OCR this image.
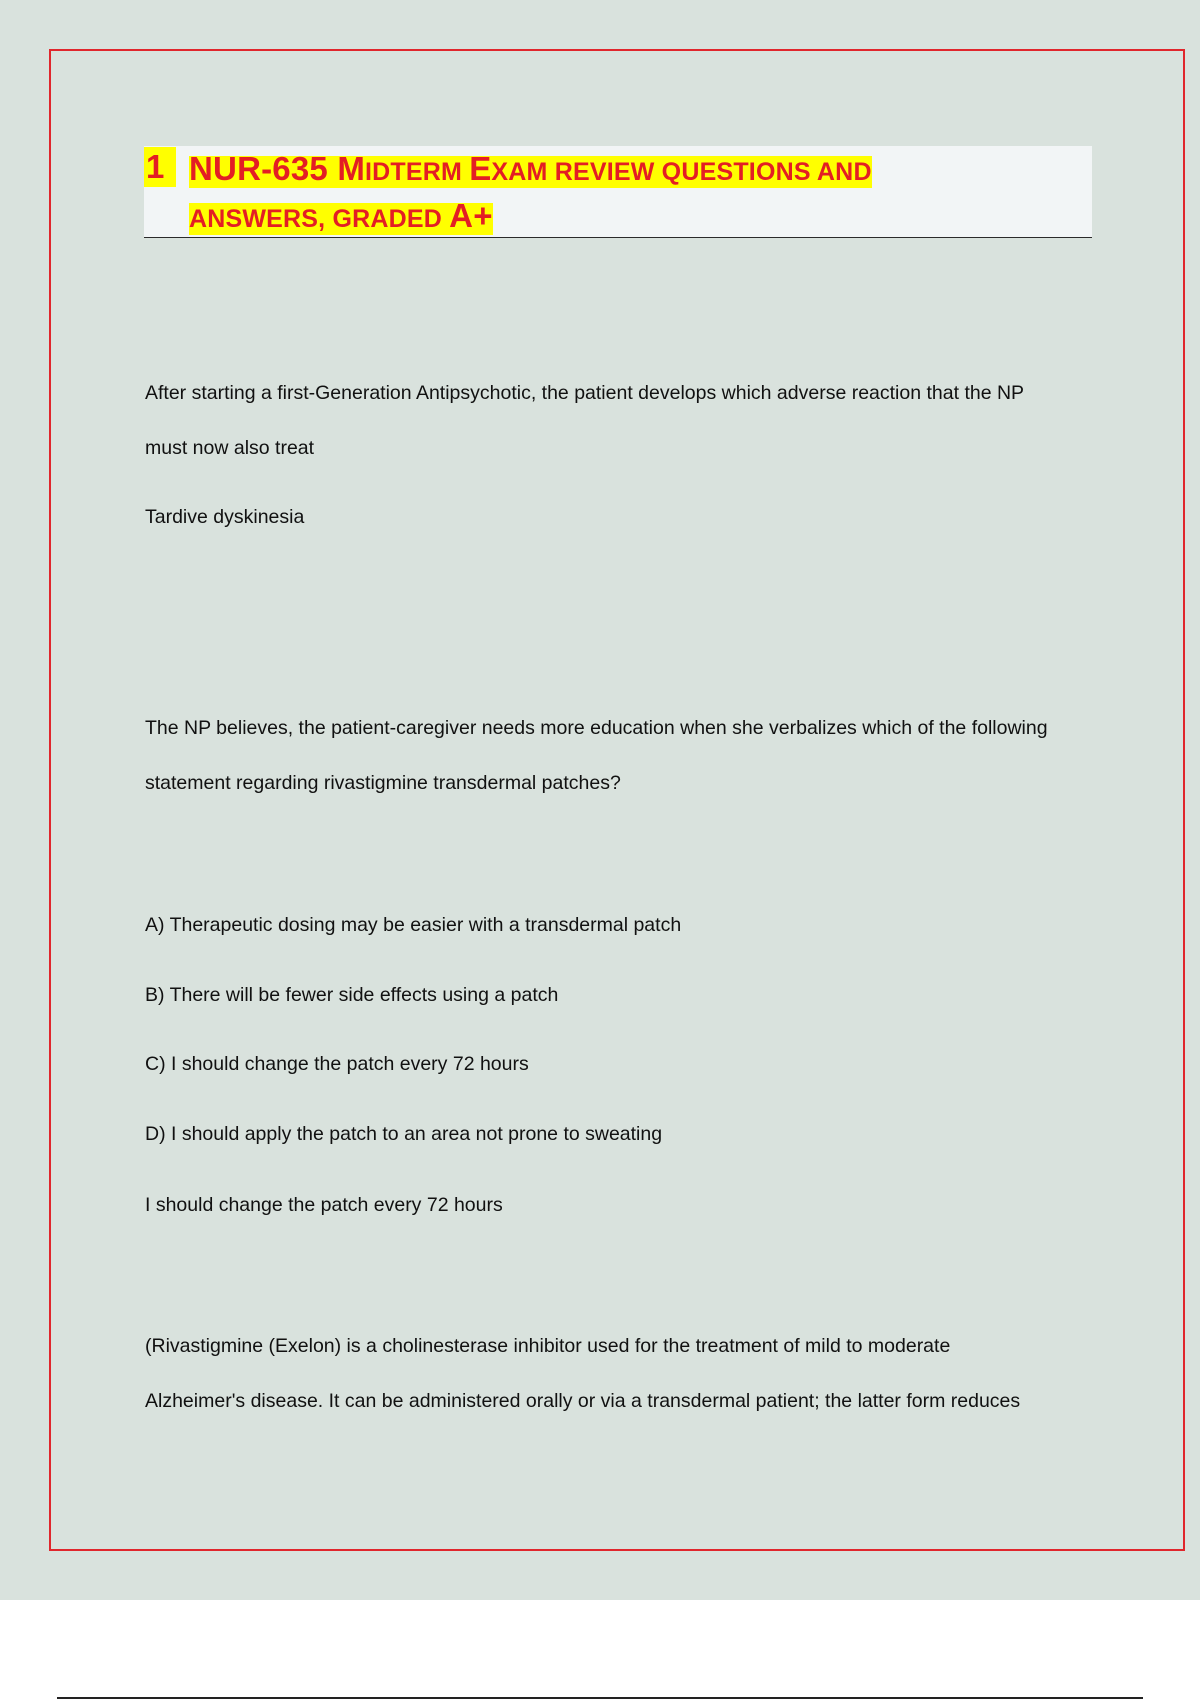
1 NUR-635 MIDTERM EXAM REVIEW QUESTIONS AND
ANSWERS, GRADED A+
After starting a first-Generation Antipsychotic, the patient develops which adverse reaction that the NP
must now also treat
Tardive dyskinesia
The NP believes, the patient-caregiver needs more education when she verbalizes which of the following
statement regarding rivastigmine transdermal patches?
A) Therapeutic dosing may be easier with a transdermal patch
B) There will be fewer side effects using a patch
C) I should change the patch every 72 hours
D) I should apply the patch to an area not prone to sweating
I should change the patch every 72 hours
(Rivastigmine (Exelon) is a cholinesterase inhibitor used for the treatment of mild to moderate
Alzheimer's disease. It can be administered orally or via a transdermal patient; the latter form reduces
